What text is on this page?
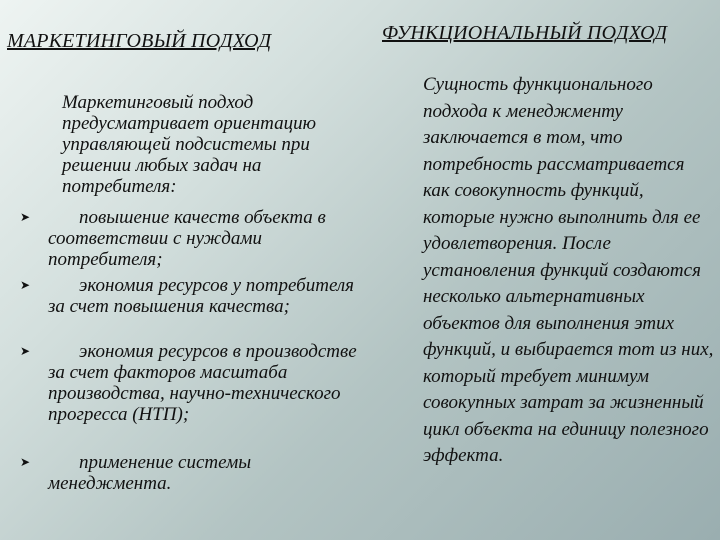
МАРКЕТИНГОВЫЙ ПОДХОД
Маркетинговый подход предусматривает ориентацию управляющей подсистемы при решении любых задач на потребителя:
➤	повышение качеств объекта в соответствии с нуждами потребителя;
➤	экономия ресурсов у потребителя за счет повышения качества;
➤	экономия ресурсов в производстве за счет факторов масштаба производства, научно-технического прогресса (НТП);
➤	применение системы менеджмента.
ФУНКЦИОНАЛЬНЫЙ ПОДХОД
Сущность функционального подхода к менеджменту заключается в том, что потребность рассматривается как совокупность функций, которые нужно выполнить для ее удовлетворения. После установления функций создаются несколько альтернативных объектов для выполнения этих функций, и выбирается тот из них, который требует минимум совокупных затрат за жизненный цикл объекта на единицу полезного эффекта.
